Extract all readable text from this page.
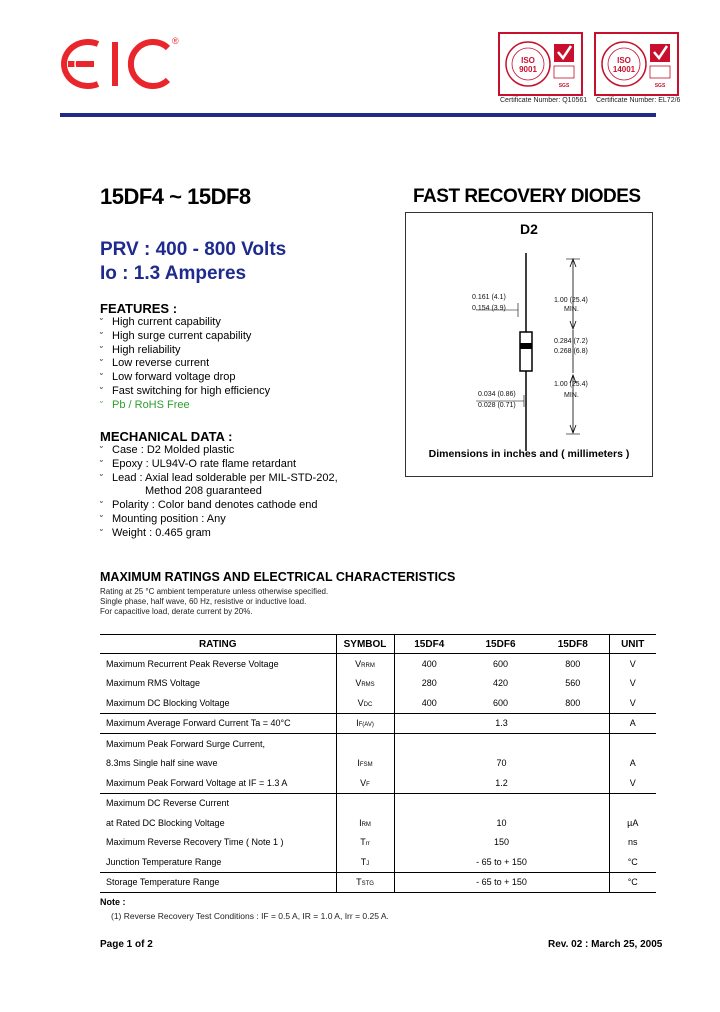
®
ISO
9001
SGS
Certificate Number: Q10561
ISO
14001
SGS
Certificate Number: EL72/6
15DF4 ~ 15DF8	FAST RECOVERY DIODES
PRV : 400 - 800 Volts
Io : 1.3 Amperes
FEATURES :
˘ High current capability
˘ High surge current capability
˘ High reliability
˘ Low reverse current
˘ Low forward voltage drop
˘ Fast switching for high efficiency
˘ Pb / RoHS Free
MECHANICAL DATA :
˘ Case : D2 Molded plastic
˘ Epoxy : UL94V-O rate flame retardant
˘ Lead : Axial lead solderable per MIL-STD-202,
Method 208 guaranteed
˘ Polarity : Color band denotes cathode end
˘ Mounting position : Any
˘ Weight : 0.465 gram
D2
1.00 (25.4)
MIN.
0.161 (4.1)
0.154 (3.9)
0.284 (7.2)
0.268 (6.8)
0.034 (0.86)
0.028 (0.71)
1.00 (25.4)
MIN.
Dimensions in inches and ( millimeters )
MAXIMUM RATINGS AND ELECTRICAL CHARACTERISTICS
Rating at 25 °C ambient temperature unless otherwise specified.
Single phase, half wave, 60 Hz, resistive or inductive load.
For capacitive load, derate current by 20%.
RATING	SYMBOL	15DF4	15DF6	15DF8	UNIT
Maximum Recurrent Peak Reverse Voltage	VRRM	400	600	800	V
Maximum RMS Voltage	VRMS	280	420	560	V
Maximum DC Blocking Voltage	VDC	400	600	800	V
Maximum Average Forward Current Ta = 40°C	IF(AV)	1.3			A
Maximum Peak Forward Surge Current,					
8.3ms Single half sine wave	IFSM	70			A
Maximum Peak Forward Voltage at IF = 1.3 A	VF	1.2			V
Maximum DC Reverse Current					
at Rated DC Blocking Voltage	IRM	10			µA
Maximum Reverse Recovery Time ( Note 1 )	Trr	150			ns
Junction Temperature Range	TJ	- 65 to + 150			°C
Storage Temperature Range	TSTG	- 65 to + 150			°C
Note :
(1) Reverse Recovery Test Conditions : IF = 0.5 A, IR = 1.0 A, Irr = 0.25 A.
Page 1 of 2	Rev. 02 : March 25, 2005
